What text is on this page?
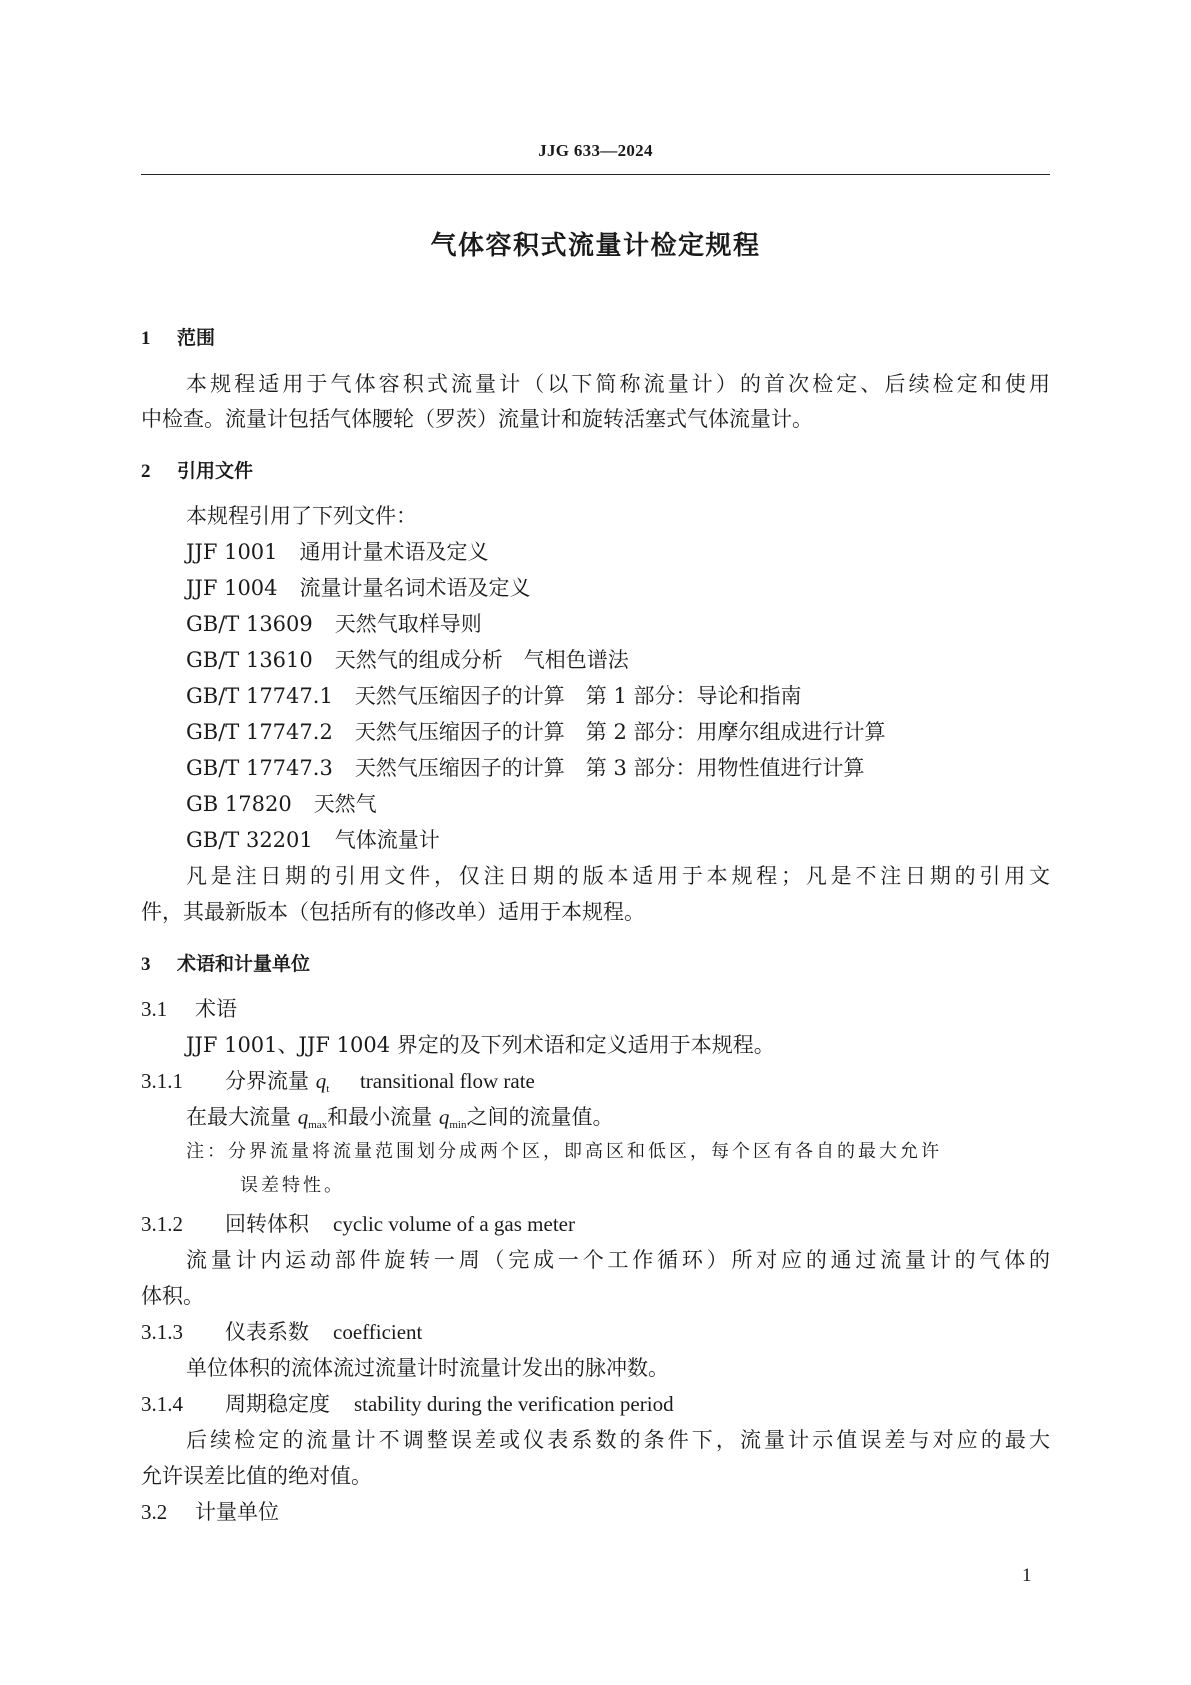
JJG 633—2024
气体容积式流量计检定规程
1 范围
本规程适用于气体容积式流量计（以下简称流量计）的首次检定、后续检定和使用
中检查。流量计包括气体腰轮（罗茨）流量计和旋转活塞式气体流量计。
2 引用文件
本规程引用了下列文件：
JJF 1001 通用计量术语及定义
JJF 1004 流量计量名词术语及定义
GB/T 13609 天然气取样导则
GB/T 13610 天然气的组成分析　气相色谱法
GB/T 17747.1 天然气压缩因子的计算　第 1 部分：导论和指南
GB/T 17747.2 天然气压缩因子的计算　第 2 部分：用摩尔组成进行计算
GB/T 17747.3 天然气压缩因子的计算　第 3 部分：用物性值进行计算
GB 17820 天然气
GB/T 32201 气体流量计
凡是注日期的引用文件，仅注日期的版本适用于本规程；凡是不注日期的引用文
件，其最新版本（包括所有的修改单）适用于本规程。
3 术语和计量单位
3.1 术语
JJF 1001、JJF 1004 界定的及下列术语和定义适用于本规程。
3.1.1 分界流量 qt transitional flow rate
在最大流量 qmax和最小流量 qmin之间的流量值。
注：分界流量将流量范围划分成两个区，即高区和低区，每个区有各自的最大允许
误差特性。
3.1.2 回转体积 cyclic volume of a gas meter
流量计内运动部件旋转一周（完成一个工作循环）所对应的通过流量计的气体的
体积。
3.1.3 仪表系数 coefficient
单位体积的流体流过流量计时流量计发出的脉冲数。
3.1.4 周期稳定度 stability during the verification period
后续检定的流量计不调整误差或仪表系数的条件下，流量计示值误差与对应的最大
允许误差比值的绝对值。
3.2 计量单位
1
